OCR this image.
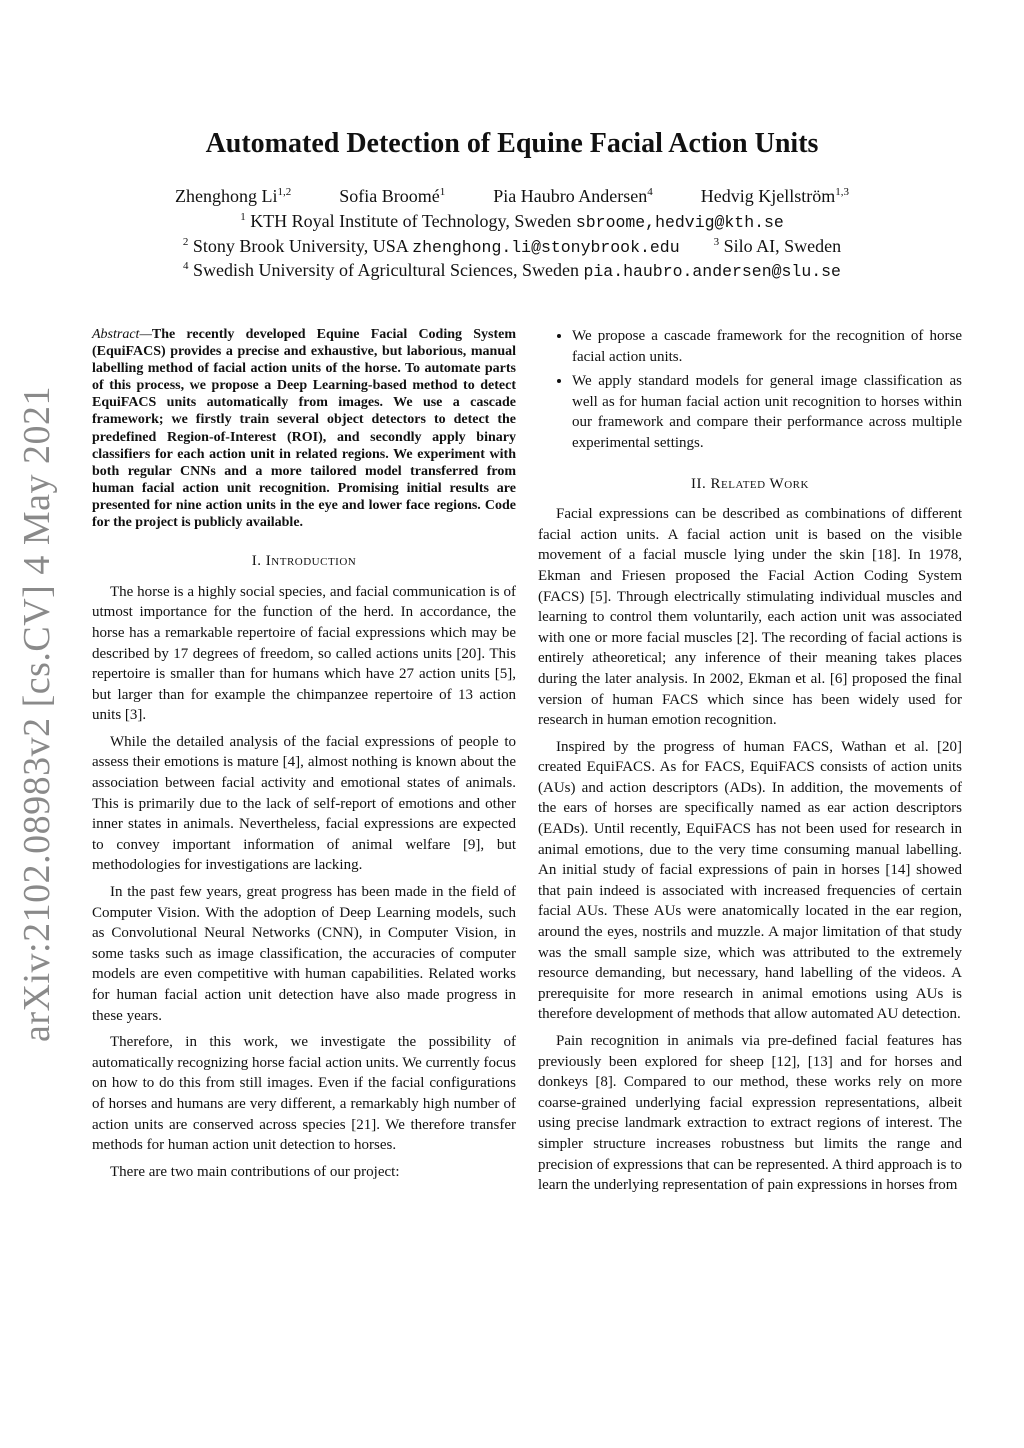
arXiv:2102.08983v2 [cs.CV] 4 May 2021
Automated Detection of Equine Facial Action Units
Zhenghong Li$^{1,2}$	Sofia Broomé$^1$	Pia Haubro Andersen$^4$	Hedvig Kjellström$^{1,3}$
$^1$ KTH Royal Institute of Technology, Sweden sbroome,hedvig@kth.se
$^2$ Stony Brook University, USA zhenghong.li@stonybrook.edu	$^3$ Silo AI, Sweden
$^4$ Swedish University of Agricultural Sciences, Sweden pia.haubro.andersen@slu.se
Abstract—The recently developed Equine Facial Coding System (EquiFACS) provides a precise and exhaustive, but laborious, manual labelling method of facial action units of the horse. To automate parts of this process, we propose a Deep Learning-based method to detect EquiFACS units automatically from images. We use a cascade framework; we firstly train several object detectors to detect the predefined Region-of-Interest (ROI), and secondly apply binary classifiers for each action unit in related regions. We experiment with both regular CNNs and a more tailored model transferred from human facial action unit recognition. Promising initial results are presented for nine action units in the eye and lower face regions. Code for the project is publicly available.
I. Introduction

The horse is a highly social species, and facial communication is of utmost importance for the function of the herd. In accordance, the horse has a remarkable repertoire of facial expressions which may be described by 17 degrees of freedom, so called actions units [20]. This repertoire is smaller than for humans which have 27 action units [5], but larger than for example the chimpanzee repertoire of 13 action units [3].

While the detailed analysis of the facial expressions of people to assess their emotions is mature [4], almost nothing is known about the association between facial activity and emotional states of animals. This is primarily due to the lack of self-report of emotions and other inner states in animals. Nevertheless, facial expressions are expected to convey important information of animal welfare [9], but methodologies for investigations are lacking.

In the past few years, great progress has been made in the field of Computer Vision. With the adoption of Deep Learning models, such as Convolutional Neural Networks (CNN), in Computer Vision, in some tasks such as image classification, the accuracies of computer models are even competitive with human capabilities. Related works for human facial action unit detection have also made progress in these years.

Therefore, in this work, we investigate the possibility of automatically recognizing horse facial action units. We currently focus on how to do this from still images. Even if the facial configurations of horses and humans are very different, a remarkably high number of action units are conserved across species [21]. We therefore transfer methods for human action unit detection to horses.

There are two main contributions of our project:

• We propose a cascade framework for the recognition of horse facial action units.
• We apply standard models for general image classification as well as for human facial action unit recognition to horses within our framework and compare their performance across multiple experimental settings.
II. Related Work

Facial expressions can be described as combinations of different facial action units. A facial action unit is based on the visible movement of a facial muscle lying under the skin [18]. In 1978, Ekman and Friesen proposed the Facial Action Coding System (FACS) [5]. Through electrically stimulating individual muscles and learning to control them voluntarily, each action unit was associated with one or more facial muscles [2]. The recording of facial actions is entirely atheoretical; any inference of their meaning takes places during the later analysis. In 2002, Ekman et al. [6] proposed the final version of human FACS which since has been widely used for research in human emotion recognition.

Inspired by the progress of human FACS, Wathan et al. [20] created EquiFACS. As for FACS, EquiFACS consists of action units (AUs) and action descriptors (ADs). In addition, the movements of the ears of horses are specifically named as ear action descriptors (EADs). Until recently, EquiFACS has not been used for research in animal emotions, due to the very time consuming manual labelling. An initial study of facial expressions of pain in horses [14] showed that pain indeed is associated with increased frequencies of certain facial AUs. These AUs were anatomically located in the ear region, around the eyes, nostrils and muzzle. A major limitation of that study was the small sample size, which was attributed to the extremely resource demanding, but necessary, hand labelling of the videos. A prerequisite for more research in animal emotions using AUs is therefore development of methods that allow automated AU detection.

Pain recognition in animals via pre-defined facial features has previously been explored for sheep [12], [13] and for horses and donkeys [8]. Compared to our method, these works rely on more coarse-grained underlying facial expression representations, albeit using precise landmark extraction to extract regions of interest. The simpler structure increases robustness but limits the range and precision of expressions that can be represented. A third approach is to learn the underlying representation of pain expressions in horses from
